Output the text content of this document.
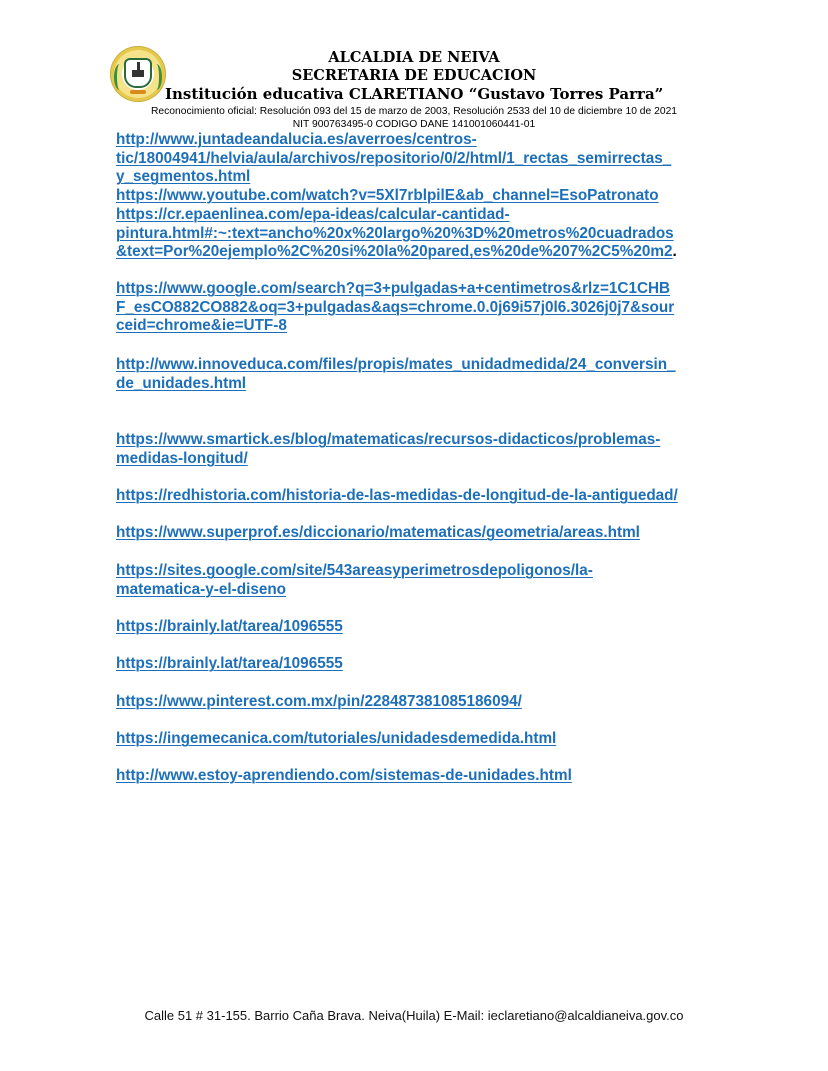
ALCALDIA DE NEIVA
SECRETARIA DE EDUCACION
Institución educativa CLARETIANO “Gustavo Torres Parra”
Reconocimiento oficial: Resolución 093 del 15 de marzo de 2003, Resolución 2533 del 10 de diciembre 10 de 2021
NIT 900763495-0 CODIGO DANE 141001060441-01
http://www.juntadeandalucia.es/averroes/centros-
tic/18004941/helvia/aula/archivos/repositorio/0/2/html/1_rectas_semirrectas_
y_segmentos.html
https://www.youtube.com/watch?v=5Xl7rblpilE&ab_channel=EsoPatronato
https://cr.epaenlinea.com/epa-ideas/calcular-cantidad-
pintura.html#:~:text=ancho%20x%20largo%20%3D%20metros%20cuadrados
&text=Por%20ejemplo%2C%20si%20la%20pared,es%20de%207%2C5%20m2.
https://www.google.com/search?q=3+pulgadas+a+centimetros&rlz=1C1CHB
F_esCO882CO882&oq=3+pulgadas&aqs=chrome.0.0j69i57j0l6.3026j0j7&sour
ceid=chrome&ie=UTF-8
http://www.innoveduca.com/files/propis/mates_unidadmedida/24_conversin_
de_unidades.html
https://www.smartick.es/blog/matematicas/recursos-didacticos/problemas-
medidas-longitud/
https://redhistoria.com/historia-de-las-medidas-de-longitud-de-la-antiguedad/
https://www.superprof.es/diccionario/matematicas/geometria/areas.html
https://sites.google.com/site/543areasyperimetrosdepoligonos/la-
matematica-y-el-diseno
https://brainly.lat/tarea/1096555
https://brainly.lat/tarea/1096555
https://www.pinterest.com.mx/pin/228487381085186094/
https://ingemecanica.com/tutoriales/unidadesdemedida.html
http://www.estoy-aprendiendo.com/sistemas-de-unidades.html
Calle 51 # 31-155. Barrio Caña Brava. Neiva(Huila) E-Mail: ieclaretiano@alcaldianeiva.gov.co
